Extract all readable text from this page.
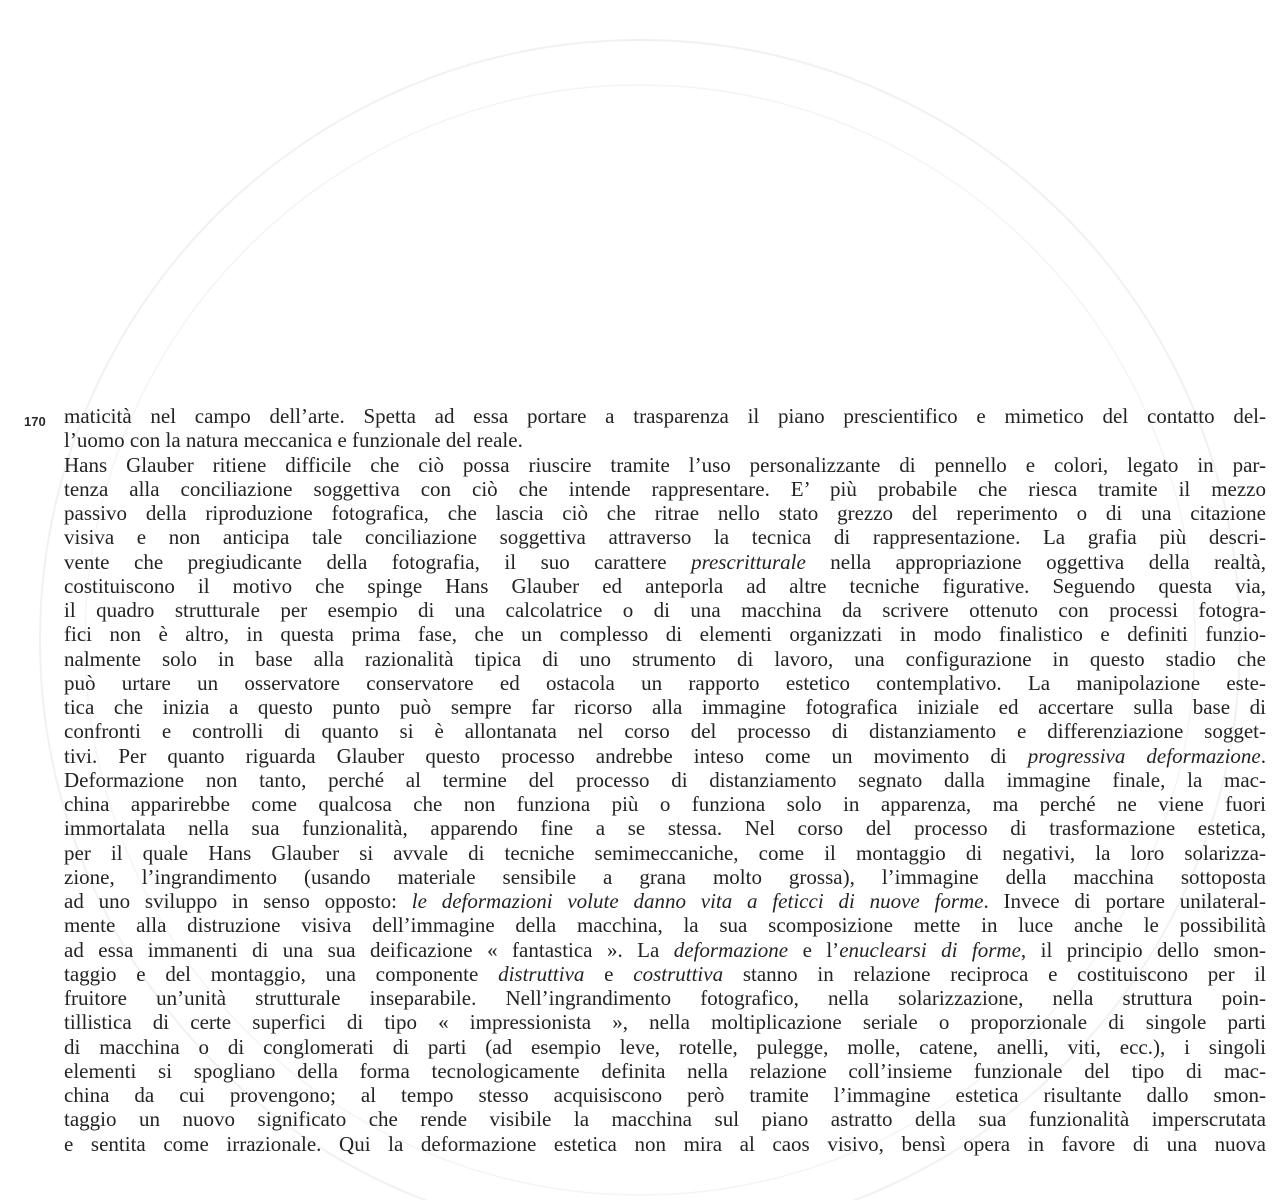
170 maticità nel campo dell’arte. Spetta ad essa portare a trasparenza il piano prescientifico e mimetico del contatto del-
l’uomo con la natura meccanica e funzionale del reale.
Hans Glauber ritiene difficile che ciò possa riuscire tramite l’uso personalizzante di pennello e colori, legato in par-
tenza alla conciliazione soggettiva con ciò che intende rappresentare. E’ più probabile che riesca tramite il mezzo
passivo della riproduzione fotografica, che lascia ciò che ritrae nello stato grezzo del reperimento o di una citazione
visiva e non anticipa tale conciliazione soggettiva attraverso la tecnica di rappresentazione. La grafia più descri-
vente che pregiudicante della fotografia, il suo carattere prescritturale nella appropriazione oggettiva della realtà,
costituiscono il motivo che spinge Hans Glauber ed anteporla ad altre tecniche figurative. Seguendo questa via,
il quadro strutturale per esempio di una calcolatrice o di una macchina da scrivere ottenuto con processi fotogra-
fici non è altro, in questa prima fase, che un complesso di elementi organizzati in modo finalistico e definiti funzio-
nalmente solo in base alla razionalità tipica di uno strumento di lavoro, una configurazione in questo stadio che
può urtare un osservatore conservatore ed ostacola un rapporto estetico contemplativo. La manipolazione este-
tica che inizia a questo punto può sempre far ricorso alla immagine fotografica iniziale ed accertare sulla base di
confronti e controlli di quanto si è allontanata nel corso del processo di distanziamento e differenziazione sogget-
tivi. Per quanto riguarda Glauber questo processo andrebbe inteso come un movimento di progressiva deformazione.
Deformazione non tanto, perché al termine del processo di distanziamento segnato dalla immagine finale, la mac-
china apparirebbe come qualcosa che non funziona più o funziona solo in apparenza, ma perché ne viene fuori
immortalata nella sua funzionalità, apparendo fine a se stessa. Nel corso del processo di trasformazione estetica,
per il quale Hans Glauber si avvale di tecniche semimeccaniche, come il montaggio di negativi, la loro solarizza-
zione, l’ingrandimento (usando materiale sensibile a grana molto grossa), l’immagine della macchina sottoposta
ad uno sviluppo in senso opposto: le deformazioni volute danno vita a feticci di nuove forme. Invece di portare unilateral-
mente alla distruzione visiva dell’immagine della macchina, la sua scomposizione mette in luce anche le possibilità
ad essa immanenti di una sua deificazione « fantastica ». La deformazione e l’enuclearsi di forme, il principio dello smon-
taggio e del montaggio, una componente distruttiva e costruttiva stanno in relazione reciproca e costituiscono per il
fruitore un’unità strutturale inseparabile. Nell’ingrandimento fotografico, nella solarizzazione, nella struttura poin-
tillistica di certe superfici di tipo « impressionista », nella moltiplicazione seriale o proporzionale di singole parti
di macchina o di conglomerati di parti (ad esempio leve, rotelle, pulegge, molle, catene, anelli, viti, ecc.), i singoli
elementi si spogliano della forma tecnologicamente definita nella relazione coll’insieme funzionale del tipo di mac-
china da cui provengono; al tempo stesso acquisiscono però tramite l’immagine estetica risultante dallo smon-
taggio un nuovo significato che rende visibile la macchina sul piano astratto della sua funzionalità imperscrutata
e sentita come irrazionale. Qui la deformazione estetica non mira al caos visivo, bensì opera in favore di una nuova
